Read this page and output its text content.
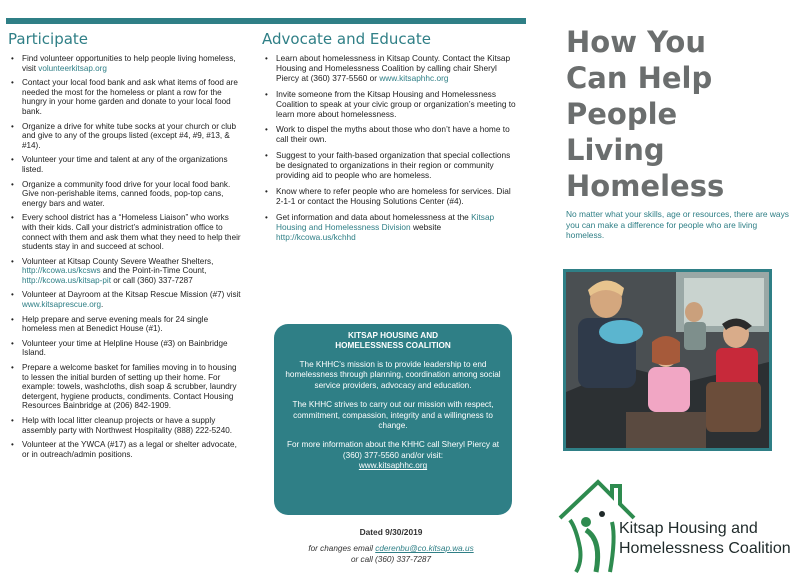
Participate
• Find volunteer opportunities to help people living homeless, visit volunteerkitsap.org
• Contact your local food bank and ask what items of food are needed the most for the homeless or plant a row for the hungry in your home garden and donate to your local food bank.
• Organize a drive for white tube socks at your church or club and give to any of the groups listed (except #4, #9, #13, & #14).
• Volunteer your time and talent at any of the organizations listed.
• Organize a community food drive for your local food bank. Give non-perishable items, canned foods, pop-top cans, energy bars and water.
• Every school district has a “Homeless Liaison” who works with their kids. Call your district’s administration office to connect with them and ask them what they need to help their students stay in and succeed at school.
• Volunteer at Kitsap County Severe Weather Shelters, http://kcowa.us/kcsws and the Point-in-Time Count, http://kcowa.us/kitsap-pit or call (360) 337-7287
• Volunteer at Dayroom at the Kitsap Rescue Mission (#7) visit www.kitsaprescue.org.
• Help prepare and serve evening meals for 24 single homeless men at Benedict House (#1).
• Volunteer your time at Helpline House (#3) on Bainbridge Island.
• Prepare a welcome basket for families moving in to housing to lessen the initial burden of setting up their home. For example: towels, washcloths, dish soap & scrubber, laundry detergent, hygiene products, condiments. Contact Housing Resources Bainbridge at (206) 842-1909.
• Help with local litter cleanup projects or have a supply assembly party with Northwest Hospitality (888) 222-5240.
• Volunteer at the YWCA (#17) as a legal or shelter advocate, or in outreach/admin positions.
Advocate and Educate
• Learn about homelessness in Kitsap County. Contact the Kitsap Housing and Homelessness Coalition by calling chair Sheryl Piercy at (360) 377-5560 or www.kitsaphhc.org
• Invite someone from the Kitsap Housing and Homelessness Coalition to speak at your civic group or organization’s meeting to learn more about homelessness.
• Work to dispel the myths about those who don’t have a home to call their own.
• Suggest to your faith-based organization that special collections be designated to organizations in their region or community providing aid to people who are homeless.
• Know where to refer people who are homeless for services. Dial 2-1-1 or contact the Housing Solutions Center (#4).
• Get information and data about homelessness at the Kitsap Housing and Homelessness Division website http://kcowa.us/kchhd
KITSAP HOUSING AND
HOMELESSNESS COALITION

The KHHC’s mission is to provide leadership to end homelessness through planning, coordination among social service providers, advocacy and education.

The KHHC strives to carry out our mission with respect, commitment, compassion, integrity and a willingness to change.

For more information about the KHHC call Sheryl Piercy at (360) 377-5560 and/or visit:
www.kitsaphhc.org

Dated 9/30/2019
for changes email cderenbu@co.kitsap.wa.us
or call (360) 337-7287
How You
Can Help
People
Living
Homeless
No matter what your skills, age or resources, there are ways you can make a difference for people who are living homeless.
Kitsap Housing and
Homelessness Coalition
